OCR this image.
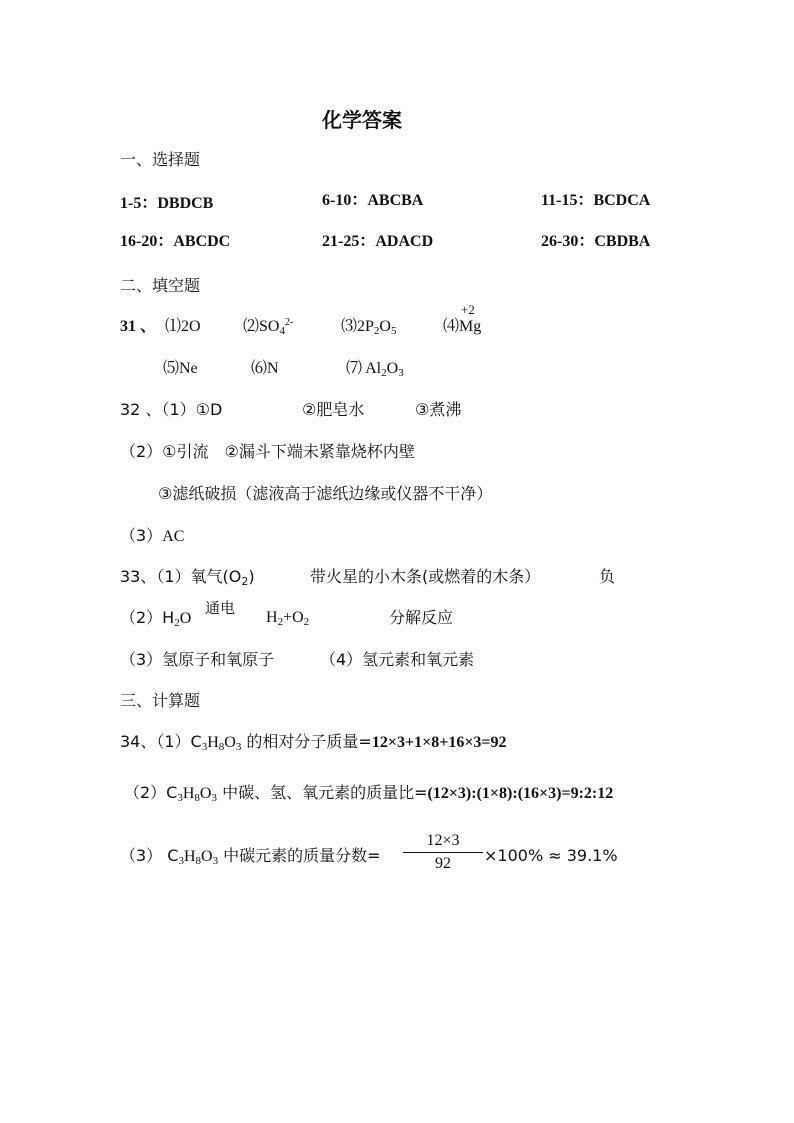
化学答案
一、选择题
1-5：DBDCB	6-10：ABCBA	11-15：BCDCA
16-20：ABCDC	21-25：ADACD	26-30：CBDBA
二、填空题
31 、 ⑴2O	$⑵SO_4^{2-}$	$⑶2P_2O_5$	⑷
+2
Mg
⑸Ne	⑹N	⑺ $Al_2O_3$
32 、（1）①D	②肥皂水	③煮沸
（2）①引流　②漏斗下端未紧靠烧杯内壁
③滤纸破损（滤液高于滤纸边缘或仪器不干净）
（3）AC
33、（1）氧气$(O_2)$	带火星的小木条(或燃着的木条）	负
$(2)H_2O$
通电
$H_2+O_2$	分解反应
（3）氢原子和氧原子	（4）氢元素和氧元素
三、计算题
34、$(1)C_3H_8O_3$ 的相对分子质量=12×3+1×8+16×3=92
$(2)C_3H_8O_3$ 中碳、氢、氧元素的质量比=(12×3):(1×8):(16×3)=9:2:12
（3） $C_3H_8O_3$ 中碳元素的质量分数=
12×3
92	×100% ≈ 39.1%
